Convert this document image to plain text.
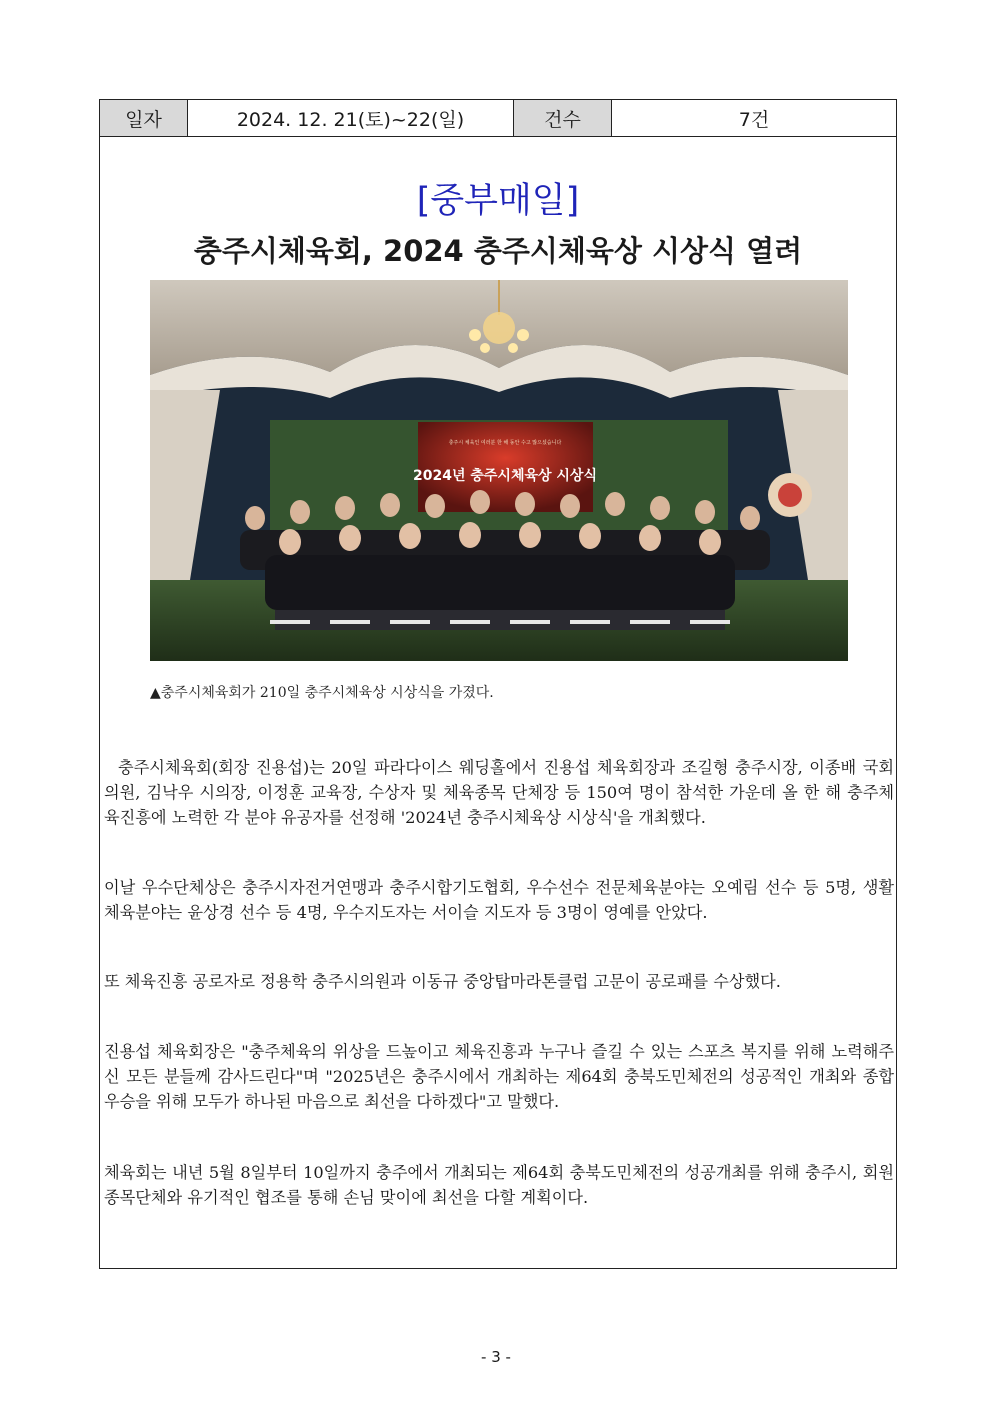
일자	2024. 12. 21(토)~22(일)	건수	7건
[중부매일]
충주시체육회, 2024 충주시체육상 시상식 열려
충주시 체육인 여러분 한 해 동안 수고 많으셨습니다
2024년 충주시체육상 시상식
▲충주시체육회가 210일 충주시체육상 시상식을 가졌다.
충주시체육회(회장 진용섭)는 20일 파라다이스 웨딩홀에서 진용섭 체육회장과 조길형 충주시장, 이종배 국회의원, 김낙우 시의장, 이정훈 교육장, 수상자 및 체육종목 단체장 등 150여 명이 참석한 가운데 올 한 해 충주체육진흥에 노력한 각 분야 유공자를 선정해 '2024년 충주시체육상 시상식'을 개최했다.
이날 우수단체상은 충주시자전거연맹과 충주시합기도협회, 우수선수 전문체육분야는 오예림 선수 등 5명, 생활체육분야는 윤상경 선수 등 4명, 우수지도자는 서이슬 지도자 등 3명이 영예를 안았다.
또 체육진흥 공로자로 정용학 충주시의원과 이동규 중앙탑마라톤클럽 고문이 공로패를 수상했다.
진용섭 체육회장은 "충주체육의 위상을 드높이고 체육진흥과 누구나 즐길 수 있는 스포츠 복지를 위해 노력해주신 모든 분들께 감사드린다"며 "2025년은 충주시에서 개최하는 제64회 충북도민체전의 성공적인 개최와 종합우승을 위해 모두가 하나된 마음으로 최선을 다하겠다"고 말했다.
체육회는 내년 5월 8일부터 10일까지 충주에서 개최되는 제64회 충북도민체전의 성공개최를 위해 충주시, 회원종목단체와 유기적인 협조를 통해 손님 맞이에 최선을 다할 계획이다.
- 3 -
